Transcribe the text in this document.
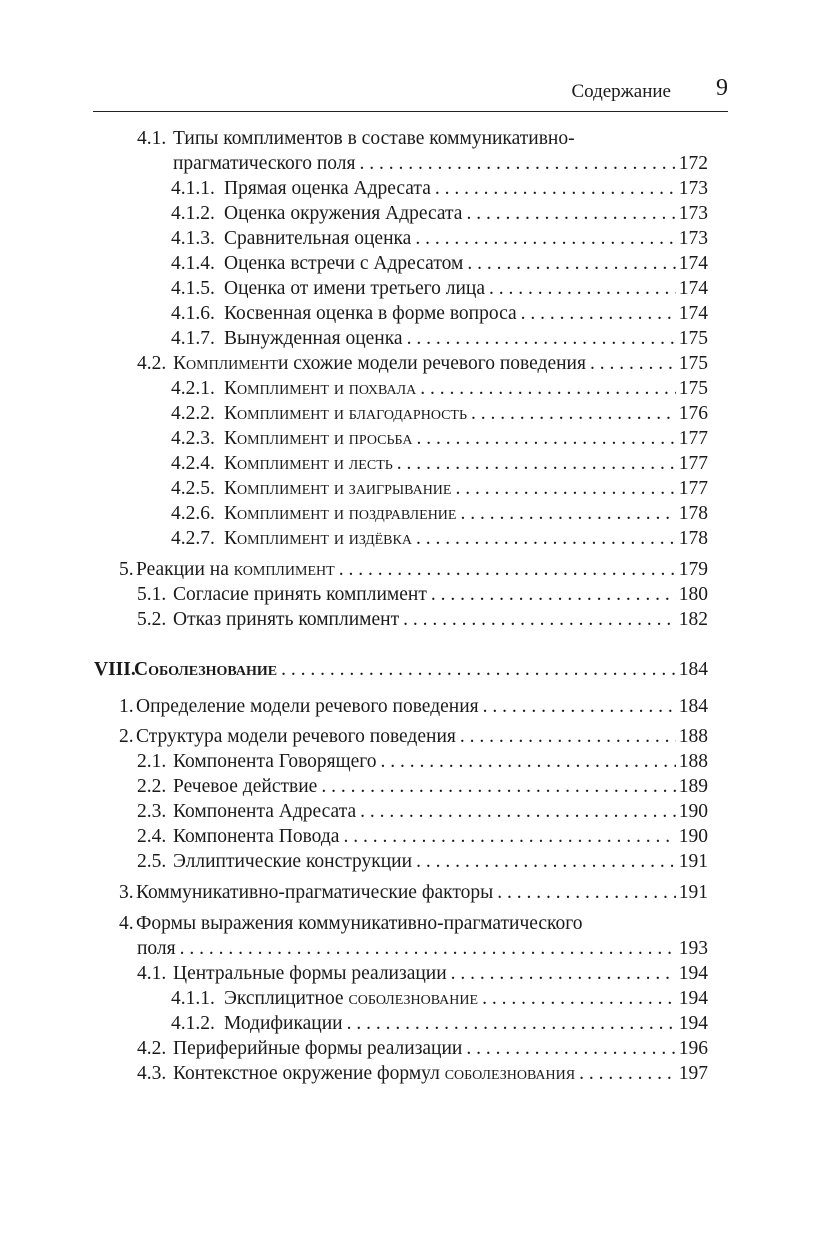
Содержание 9
4.1. Типы комплиментов в составе коммуникативно-
прагматического поля . . .	172
4.1.1. Прямая оценка Адресата . . .	173
4.1.2. Оценка окружения Адресата . . .	173
4.1.3. Сравнительная оценка . . .	173
4.1.4. Оценка встречи с Адресатом . . .	174
4.1.5. Оценка от имени третьего лица . . .	174
4.1.6. Косвенная оценка в форме вопроса . . .	174
4.1.7. Вынужденная оценка . . .	175
4.2. Комплимент и схожие модели речевого поведения . . .	175
4.2.1. Комплимент и похвала . . .	175
4.2.2. Комплимент и благодарность . . .	176
4.2.3. Комплимент и просьба . . .	177
4.2.4. Комплимент и лесть . . .	177
4.2.5. Комплимент и заигрывание . . .	177
4.2.6. Комплимент и поздравление . . .	178
4.2.7. Комплимент и издёвка . . .	178
5. Реакции на комплимент . . .	179
5.1. Согласие принять комплимент . . .	180
5.2. Отказ принять комплимент . . .	182
VIII.
Соболезнование . . .	184
1. Определение модели речевого поведения . . .	184
2. Структура модели речевого поведения . . .	188
2.1. Компонента Говорящего . . .	188
2.2. Речевое действие . . .	189
2.3. Компонента Адресата . . .	190
2.4. Компонента Повода . . .	190
2.5. Эллиптические конструкции . . .	191
3. Коммуникативно-прагматические факторы . . .	191
4. Формы выражения коммуникативно-прагматического
поля . . .	193
4.1. Центральные формы реализации . . .	194
4.1.1. Эксплицитное соболезнование . . .	194
4.1.2. Модификации . . .	194
4.2. Периферийные формы реализации . . .	196
4.3. Контекстное окружение формул соболезнования . . .	197
